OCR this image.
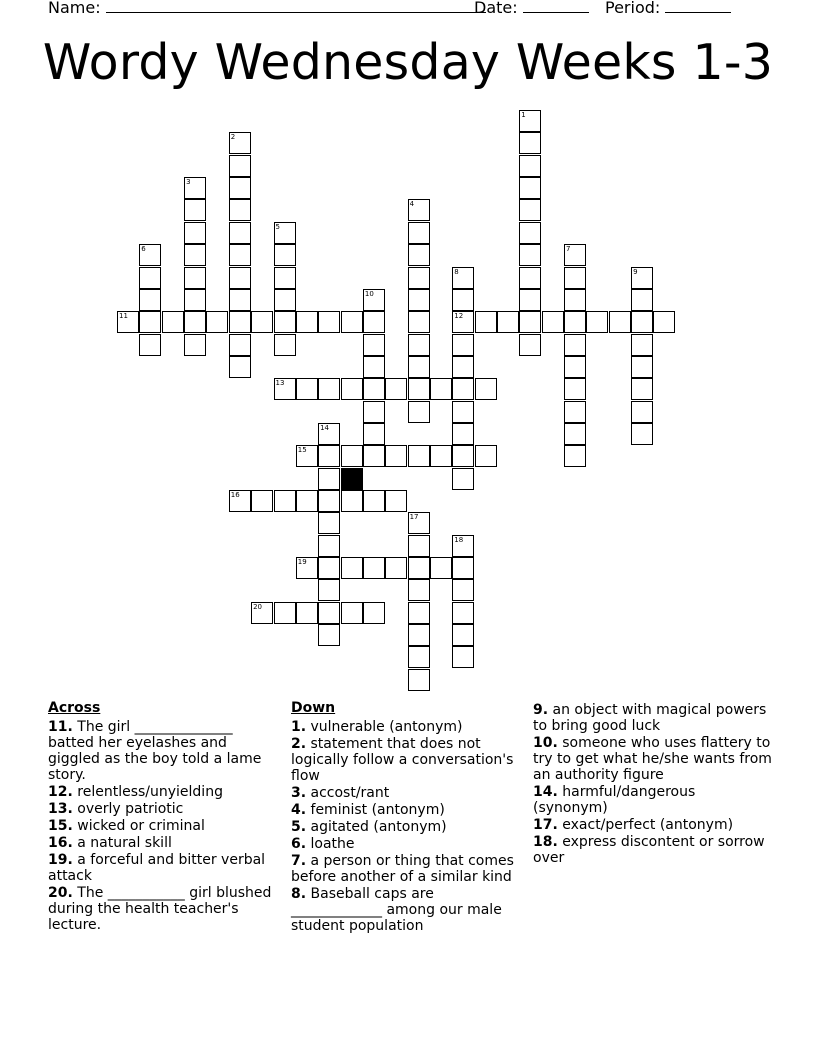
Name:	Date:	Period:
Wordy Wednesday Weeks 1-3
1
2
3
4
5
6	7
8
12
9
10
14
17
18
11
13
15
16
19
20
Across
11. The girl ______________ batted her eyelashes and giggled as the boy told a lame story.
12. relentless/unyielding
13. overly patriotic
15. wicked or criminal
16. a natural skill
19. a forceful and bitter verbal attack
20. The ___________ girl blushed during the health teacher's lecture.
Down
1. vulnerable (antonym)
2. statement that does not logically follow a conversation's flow
3. accost/rant
4. feminist (antonym)
5. agitated (antonym)
6. loathe
7. a person or thing that comes before another of a similar kind
8. Baseball caps are _____________ among our male student population
9. an object with magical powers to bring good luck
10. someone who uses flattery to try to get what he/she wants from an authority figure
14. harmful/dangerous (synonym)
17. exact/perfect (antonym)
18. express discontent or sorrow over
